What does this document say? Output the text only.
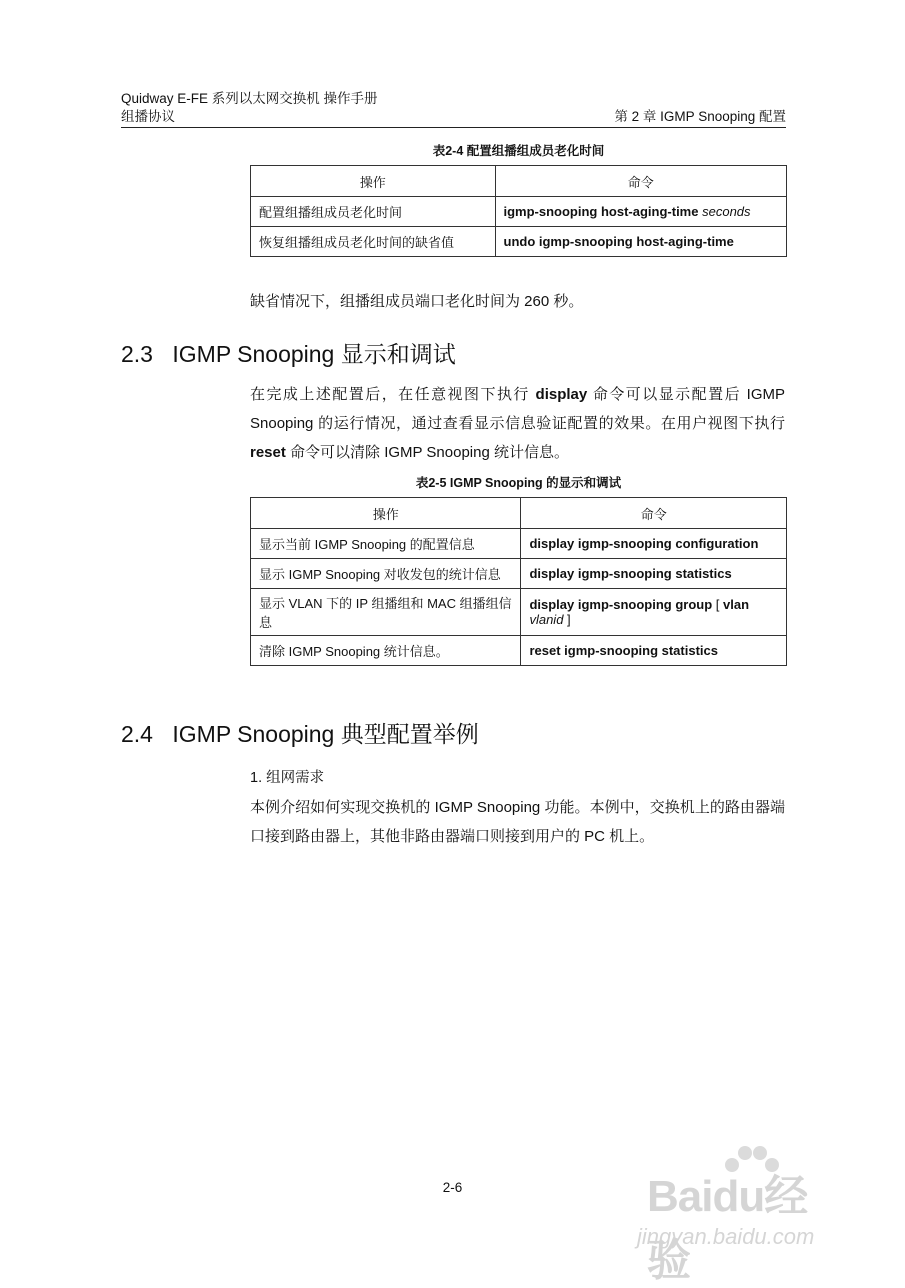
Quidway E-FE 系列以太网交换机 操作手册
组播协议	第 2 章 IGMP Snooping 配置
表2-4 配置组播组成员老化时间
操作	命令
配置组播组成员老化时间	igmp-snooping host-aging-time seconds
恢复组播组成员老化时间的缺省值	undo igmp-snooping host-aging-time
缺省情况下，组播组成员端口老化时间为 260 秒。
2.3 IGMP Snooping 显示和调试
在完成上述配置后，在任意视图下执行 display 命令可以显示配置后 IGMP Snooping 的运行情况，通过查看显示信息验证配置的效果。在用户视图下执行 reset 命令可以清除 IGMP Snooping 统计信息。
表2-5 IGMP Snooping 的显示和调试
操作	命令
显示当前 IGMP Snooping 的配置信息	display igmp-snooping configuration
显示 IGMP Snooping 对收发包的统计信息	display igmp-snooping statistics
显示 VLAN 下的 IP 组播组和 MAC 组播组信息	display igmp-snooping group [ vlan vlanid ]
清除 IGMP Snooping 统计信息。	reset igmp-snooping statistics
2.4 IGMP Snooping 典型配置举例
1. 组网需求
本例介绍如何实现交换机的 IGMP Snooping 功能。本例中，交换机上的路由器端口接到路由器上，其他非路由器端口则接到用户的 PC 机上。
2-6	Baidu经验
jingyan.baidu.com
